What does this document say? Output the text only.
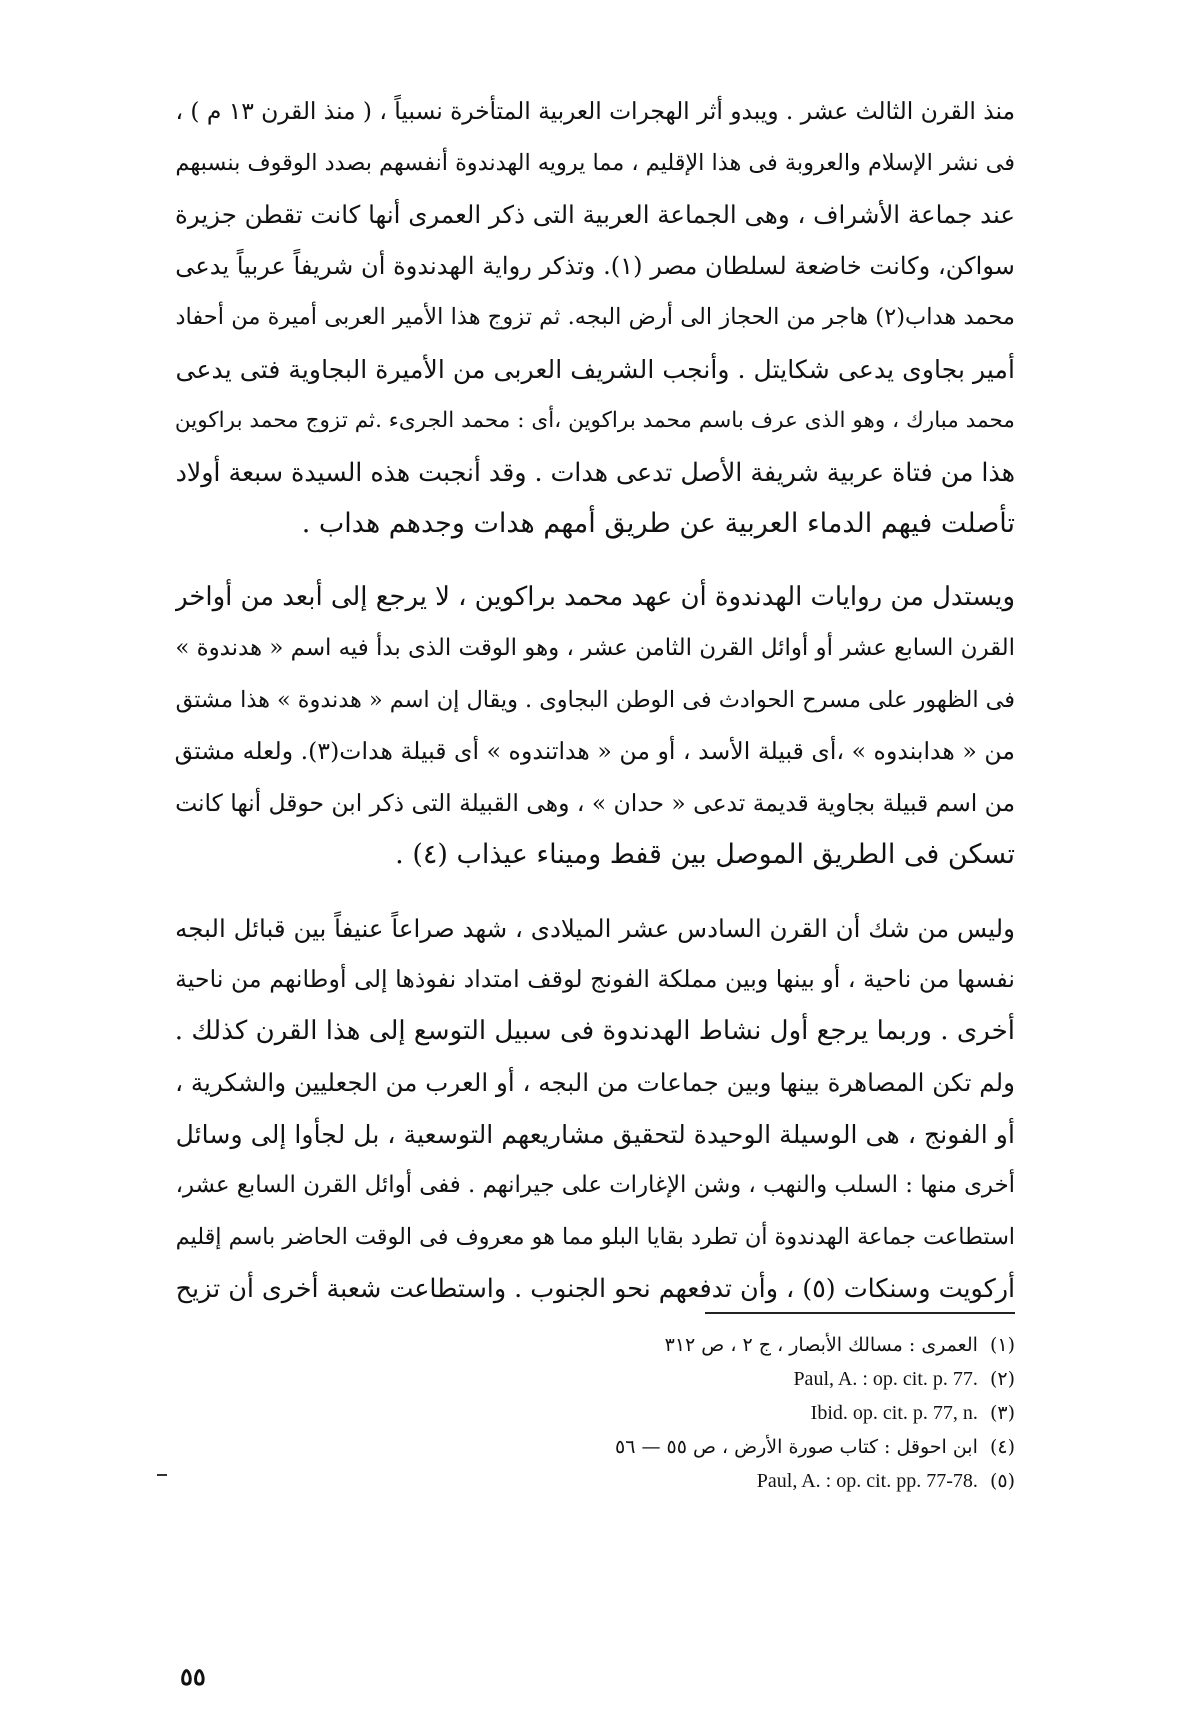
منذ القرن الثالث عشر . ويبدو أثر الهجرات العربية المتأخرة نسبياً ، ( منذ القرن ١٣ م ) ،
فى نشر الإسلام والعروبة فى هذا الإقليم ، مما يرويه الهدندوة أنفسهم بصدد الوقوف بنسبهم
عند جماعة الأشراف ، وهى الجماعة العربية التى ذكر العمرى أنها كانت تقطن جزيرة
سواكن، وكانت خاضعة لسلطان مصر (١). وتذكر رواية الهدندوة أن شريفاً عربياً يدعى
محمد هداب(٢) هاجر من الحجاز الى أرض البجه. ثم تزوج هذا الأمير العربى أميرة من أحفاد
أمير بجاوى يدعى شكايتل . وأنجب الشريف العربى من الأميرة البجاوية فتى يدعى
محمد مبارك ، وهو الذى عرف باسم محمد براكوين ،أى : محمد الجرىء .ثم تزوج محمد براكوين
هذا من فتاة عربية شريفة الأصل تدعى هدات . وقد أنجبت هذه السيدة سبعة أولاد
تأصلت فيهم الدماء العربية عن طريق أمهم هدات وجدهم هداب .

ويستدل من روايات الهدندوة أن عهد محمد براكوين ، لا يرجع إلى أبعد من أواخر
القرن السابع عشر أو أوائل القرن الثامن عشر ، وهو الوقت الذى بدأ فيه اسم « هدندوة »
فى الظهور على مسرح الحوادث فى الوطن البجاوى . ويقال إن اسم « هدندوة » هذا مشتق
من « هدابندوه » ،أى قبيلة الأسد ، أو من « هداتندوه » أى قبيلة هدات(٣). ولعله مشتق
من اسم قبيلة بجاوية قديمة تدعى « حدان » ، وهى القبيلة التى ذكر ابن حوقل أنها كانت
تسكن فى الطريق الموصل بين قفط وميناء عيذاب (٤) .

وليس من شك أن القرن السادس عشر الميلادى ، شهد صراعاً عنيفاً بين قبائل البجه
نفسها من ناحية ، أو بينها وبين مملكة الفونج لوقف امتداد نفوذها إلى أوطانهم من ناحية
أخرى . وربما يرجع أول نشاط الهدندوة فى سبيل التوسع إلى هذا القرن كذلك .
ولم تكن المصاهرة بينها وبين جماعات من البجه ، أو العرب من الجعليين والشكرية ،
أو الفونج ، هى الوسيلة الوحيدة لتحقيق مشاريعهم التوسعية ، بل لجأوا إلى وسائل
أخرى منها : السلب والنهب ، وشن الإغارات على جيرانهم . ففى أوائل القرن السابع عشر،
استطاعت جماعة الهدندوة أن تطرد بقايا البلو مما هو معروف فى الوقت الحاضر باسم إقليم
أركويت وسنكات (٥) ، وأن تدفعهم نحو الجنوب . واستطاعت شعبة أخرى أن تزيح

(١) العمرى : مسالك الأبصار ، ج ٢ ، ص ٣١٢
(٢) Paul, A. : op. cit. p. 77.
(٣) Ibid. op. cit. p. 77, n.
(٤) ابن احوقل : كتاب صورة الأرض ، ص ٥٥ — ٥٦
(٥) Paul, A. : op. cit. pp. 77-78.
٥٥
